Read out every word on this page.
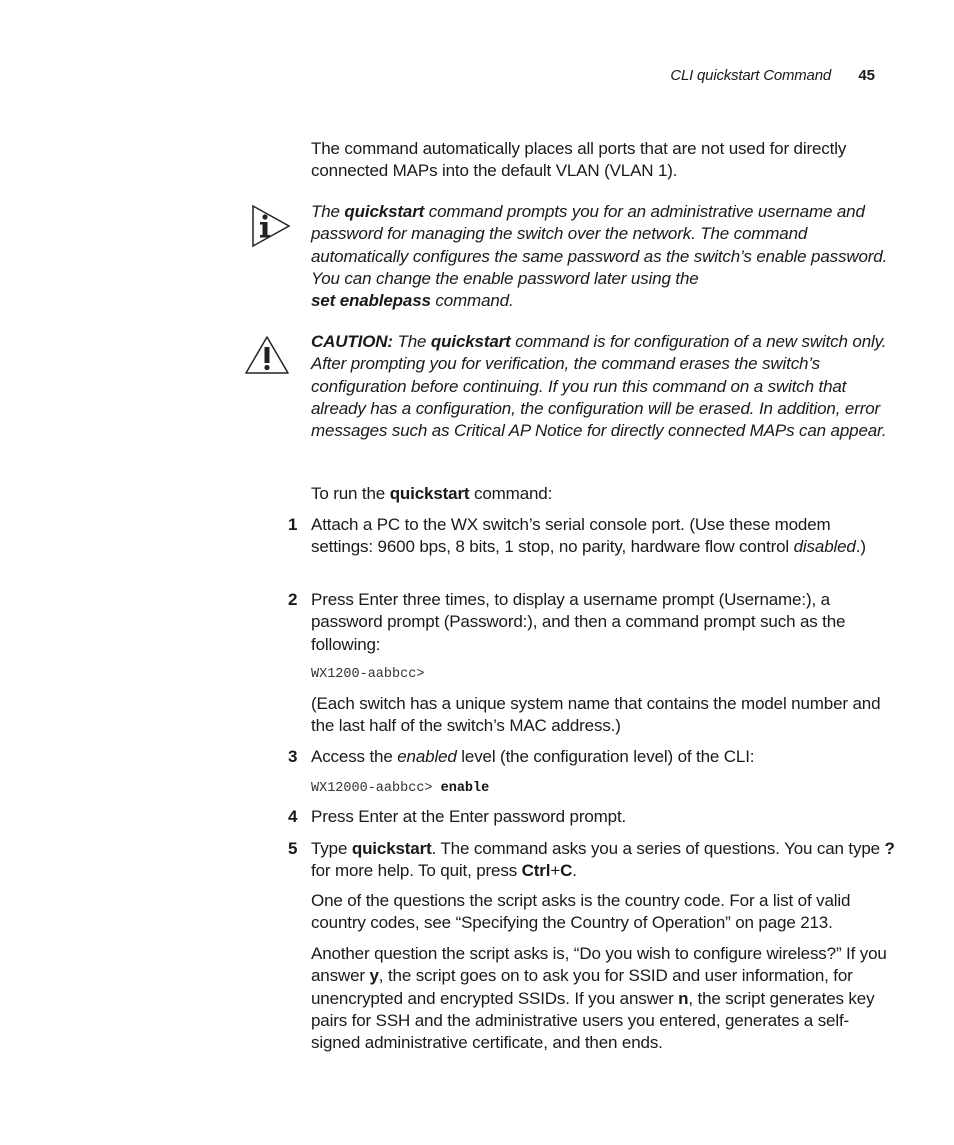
CLI quickstart Command 45

The command automatically places all ports that are not used for directly connected MAPs into the default VLAN (VLAN 1).

The quickstart command prompts you for an administrative username and password for managing the switch over the network. The command automatically configures the same password as the switch’s enable password. You can change the enable password later using the
set enablepass command.

CAUTION: The quickstart command is for configuration of a new switch only. After prompting you for verification, the command erases the switch’s configuration before continuing. If you run this command on a switch that already has a configuration, the configuration will be erased. In addition, error messages such as Critical AP Notice for directly connected MAPs can appear.

To run the quickstart command:

1 Attach a PC to the WX switch’s serial console port. (Use these modem settings: 9600 bps, 8 bits, 1 stop, no parity, hardware flow control disabled.)

2 Press Enter three times, to display a username prompt (Username:), a password prompt (Password:), and then a command prompt such as the following:

WX1200-aabbcc>

(Each switch has a unique system name that contains the model number and the last half of the switch’s MAC address.)

3 Access the enabled level (the configuration level) of the CLI:

WX12000-aabbcc> enable
4 Press Enter at the Enter password prompt.

5 Type quickstart. The command asks you a series of questions. You can type ? for more help. To quit, press Ctrl+C.

One of the questions the script asks is the country code. For a list of valid country codes, see “Specifying the Country of Operation” on page 213.

Another question the script asks is, “Do you wish to configure wireless?” If you answer y, the script goes on to ask you for SSID and user information, for unencrypted and encrypted SSIDs. If you answer n, the script generates key pairs for SSH and the administrative users you entered, generates a self-signed administrative certificate, and then ends.
